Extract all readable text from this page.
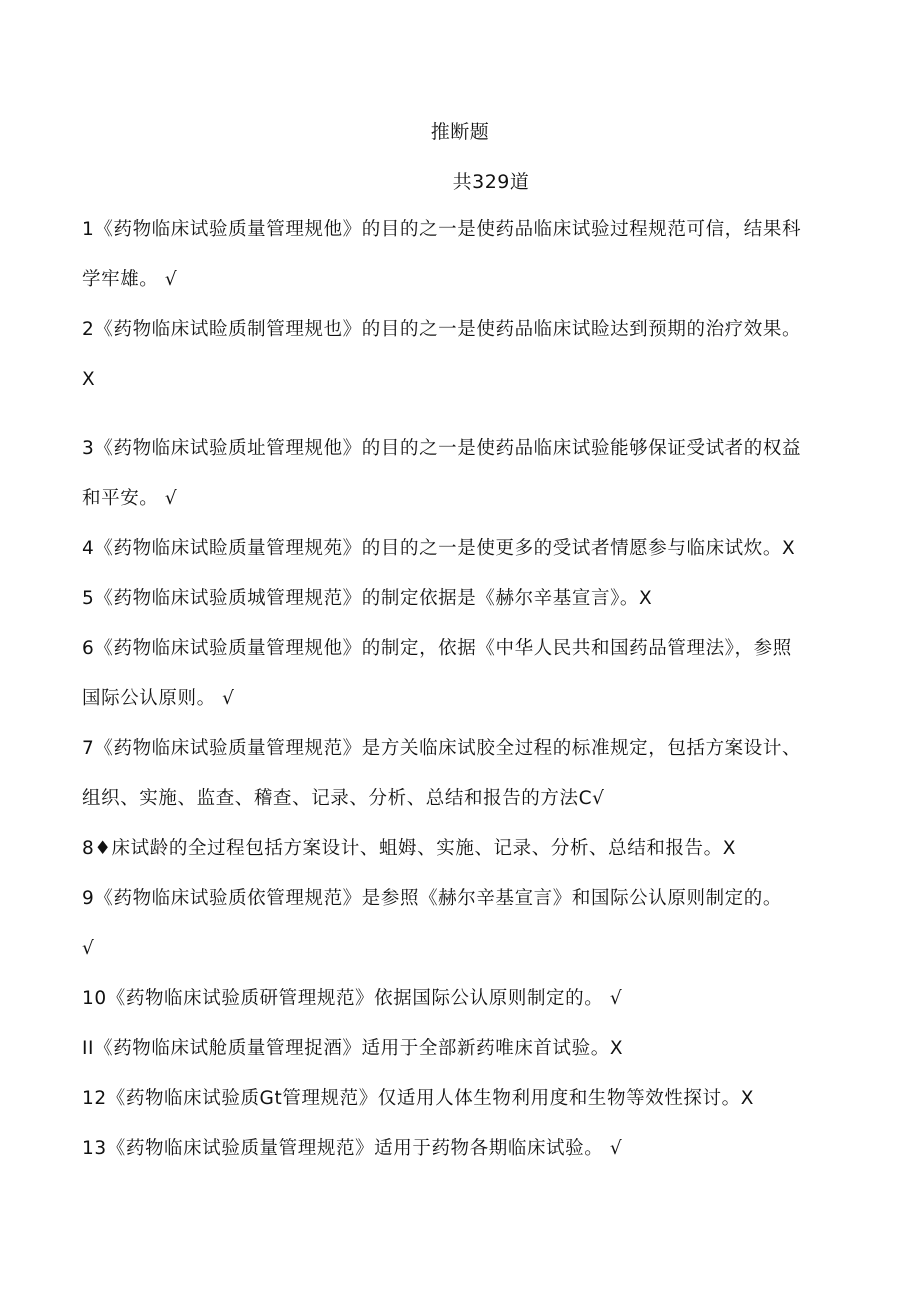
推断题
共329道
1《药物临床试验质量管理规他》的目的之一是使药品临床试验过程规范可信，结果科
学牢雄。 √
2《药物临床试睑质制管理规也》的目的之一是使药品临床试睑达到预期的治疗效果。
X
3《药物临床试验质址管理规他》的目的之一是使药品临床试验能够保证受试者的权益
和平安。 √
4《药物临床试睑质量管理规苑》的目的之一是使更多的受试者情愿参与临床试炊。X
5《药物临床试验质城管理规范》的制定依据是《赫尔辛基宣言》。X
6《药物临床试验质量管理规他》的制定，依据《中华人民共和国药品管理法》，参照
国际公认原则。 √
7《药物临床试验质量管理规范》是方关临床试胶全过程的标准规定，包括方案设计、
组织、实施、监查、稽查、记录、分析、总结和报告的方法C√
8♦床试龄的全过程包括方案设计、蛆姆、实施、记录、分析、总结和报告。X
9《药物临床试验质依管理规范》是参照《赫尔辛基宣言》和国际公认原则制定的。
√
10《药物临床试验质研管理规范》依据国际公认原则制定的。 √
II《药物临床试舱质量管理捉酒》适用于全部新药唯床首试验。X
12《药物临床试验质Gt管理规范》仅适用人体生物利用度和生物等效性探讨。X
13《药物临床试验质量管理规范》适用于药物各期临床试验。 √
